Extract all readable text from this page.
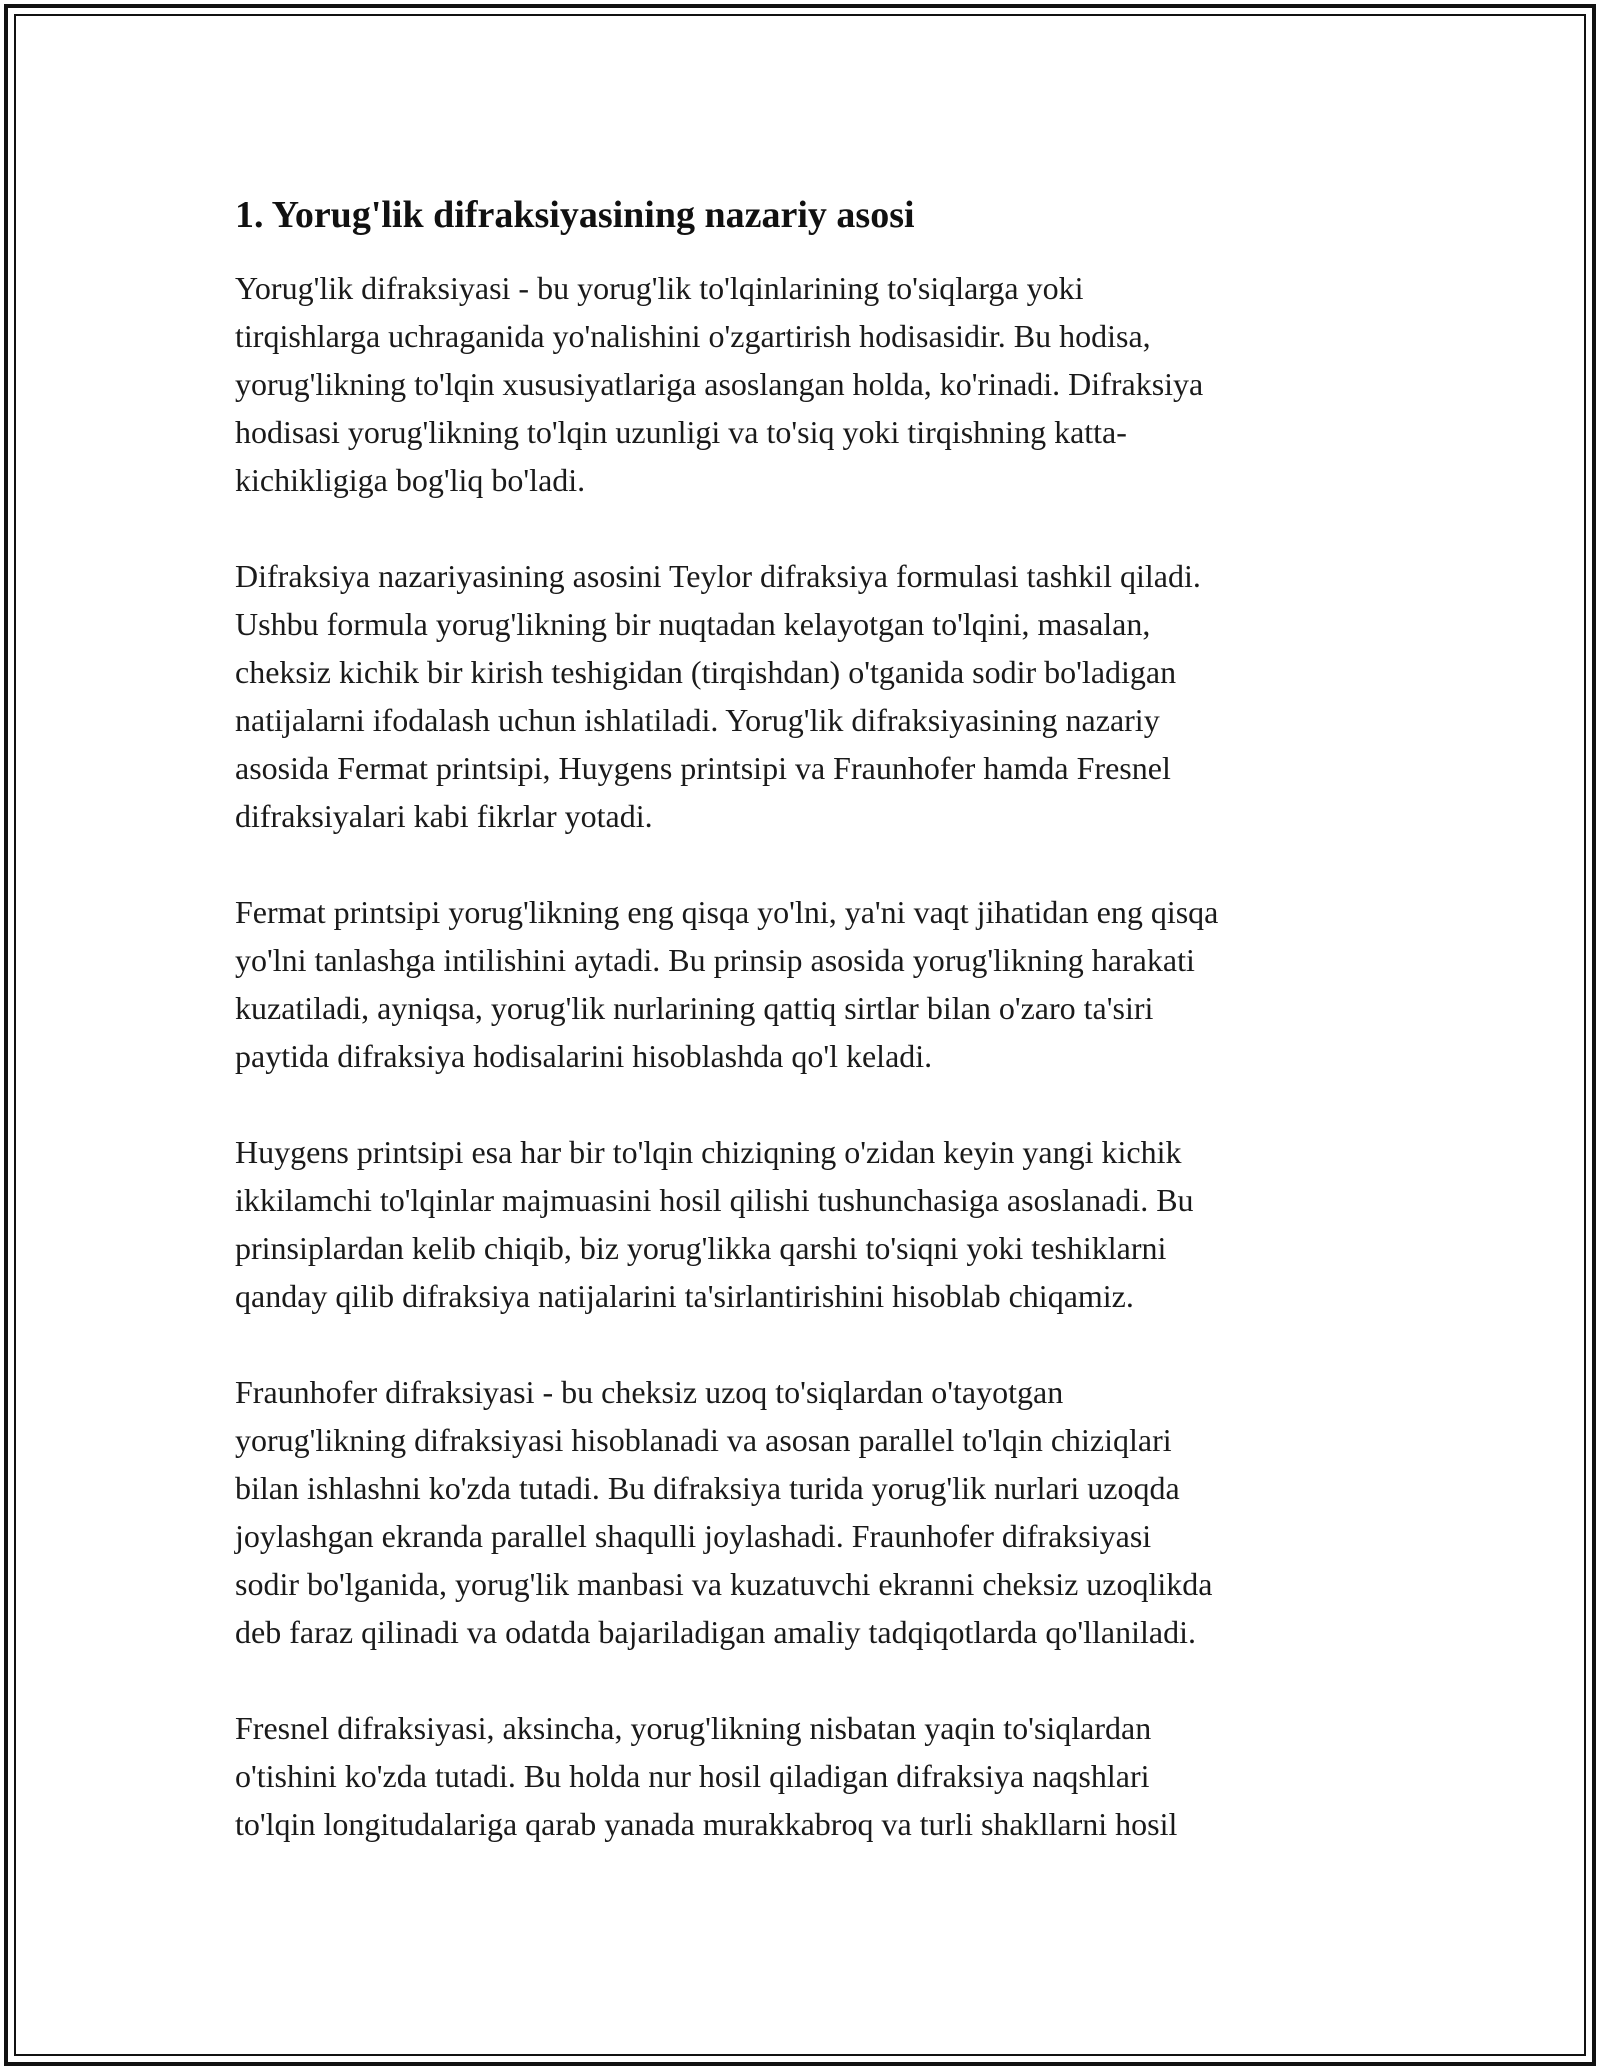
1. Yorug'lik difraksiyasining nazariy asosi

Yorug'lik difraksiyasi - bu yorug'lik to'lqinlarining to'siqlarga yoki
tirqishlarga uchraganida yo'nalishini o'zgartirish hodisasidir. Bu hodisa,
yorug'likning to'lqin xususiyatlariga asoslangan holda, ko'rinadi. Difraksiya
hodisasi yorug'likning to'lqin uzunligi va to'siq yoki tirqishning katta-
kichikligiga bog'liq bo'ladi.

Difraksiya nazariyasining asosini Teylor difraksiya formulasi tashkil qiladi.
Ushbu formula yorug'likning bir nuqtadan kelayotgan to'lqini, masalan,
cheksiz kichik bir kirish teshigidan (tirqishdan) o'tganida sodir bo'ladigan
natijalarni ifodalash uchun ishlatiladi. Yorug'lik difraksiyasining nazariy
asosida Fermat printsipi, Huygens printsipi va Fraunhofer hamda Fresnel
difraksiyalari kabi fikrlar yotadi.

Fermat printsipi yorug'likning eng qisqa yo'lni, ya'ni vaqt jihatidan eng qisqa
yo'lni tanlashga intilishini aytadi. Bu prinsip asosida yorug'likning harakati
kuzatiladi, ayniqsa, yorug'lik nurlarining qattiq sirtlar bilan o'zaro ta'siri
paytida difraksiya hodisalarini hisoblashda qo'l keladi.

Huygens printsipi esa har bir to'lqin chiziqning o'zidan keyin yangi kichik
ikkilamchi to'lqinlar majmuasini hosil qilishi tushunchasiga asoslanadi. Bu
prinsiplardan kelib chiqib, biz yorug'likka qarshi to'siqni yoki teshiklarni
qanday qilib difraksiya natijalarini ta'sirlantirishini hisoblab chiqamiz.

Fraunhofer difraksiyasi - bu cheksiz uzoq to'siqlardan o'tayotgan
yorug'likning difraksiyasi hisoblanadi va asosan parallel to'lqin chiziqlari
bilan ishlashni ko'zda tutadi. Bu difraksiya turida yorug'lik nurlari uzoqda
joylashgan ekranda parallel shaqulli joylashadi. Fraunhofer difraksiyasi
sodir bo'lganida, yorug'lik manbasi va kuzatuvchi ekranni cheksiz uzoqlikda
deb faraz qilinadi va odatda bajariladigan amaliy tadqiqotlarda qo'llaniladi.

Fresnel difraksiyasi, aksincha, yorug'likning nisbatan yaqin to'siqlardan
o'tishini ko'zda tutadi. Bu holda nur hosil qiladigan difraksiya naqshlari
to'lqin longitudalariga qarab yanada murakkabroq va turli shakllarni hosil
